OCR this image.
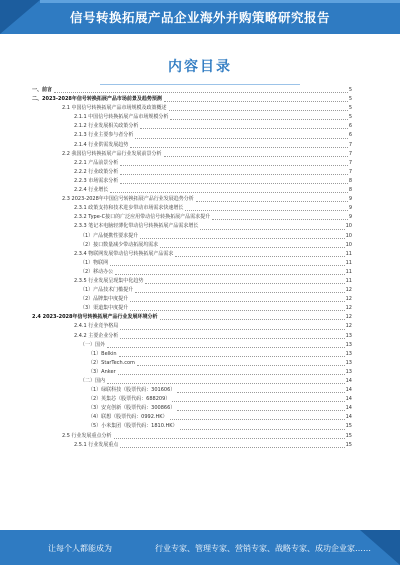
信号转换拓展产品企业海外并购策略研究报告
内容目录
一、前言	5
二、2023-2028年信号转换拓展产品市场前景及趋势预测	5
2.1 中国信号转换拓展产品市场规模及政策概述	5
2.1.1 中国信号转换拓展产品市场规模分析	5
2.1.2 行业发展相关政策分析	6
2.1.3 行业主要参与者分析	6
2.1.4 行业供需发展趋势	7
2.2 我国信号转换拓展产品行业发展前景分析	7
2.2.1 产品前景分析	7
2.2.2 行业政策分析	7
2.2.3 市场需求分析	8
2.2.4 行业增长	8
2.3 2023-2028年中国信号转换拓展产品行业发展趋势分析	9
2.3.1 政策支持和技术进步带动市场需求快速增长	9
2.3.2 Type-C接口的广泛应用带动信号转换拓展产品需求提升	9
2.3.3 笔记本电脑轻薄化带动信号转换拓展产品需求增长	10
（1）产品便携性要求提升	10
（2）接口数量减少带动拓展坞需求	10
2.3.4 物联网发展带动信号转换拓展产品需求	11
（1）物联网	11
（2）移动办公	11
2.3.5 行业发展呈现集中化趋势	11
（1）产品技术门槛提升	12
（2）品牌集中度提升	12
（3）渠道集中度提升	12
2.4 2023-2028年信号转换拓展产品行业发展环境分析	12
2.4.1 行业竞争格局	12
2.4.2 主要企业分析	13
（一）国外	13
（1）Belkin	13
（2）StarTech.com	13
（3）Anker	13
（二）国内	14
（1）绿联科技（股票代码：301606）	14
（2）英集芯（股票代码：688209）	14
（3）安克创新（股票代码：300866）	14
（4）联想（股票代码：0992.HK）	14
（5）小米集团（股票代码：1810.HK）	15
2.5 行业发展重点分析	15
2.5.1 行业发展重点	15
让每个人都能成为	行业专家、管理专家、营销专家、战略专家、成功企业家……
